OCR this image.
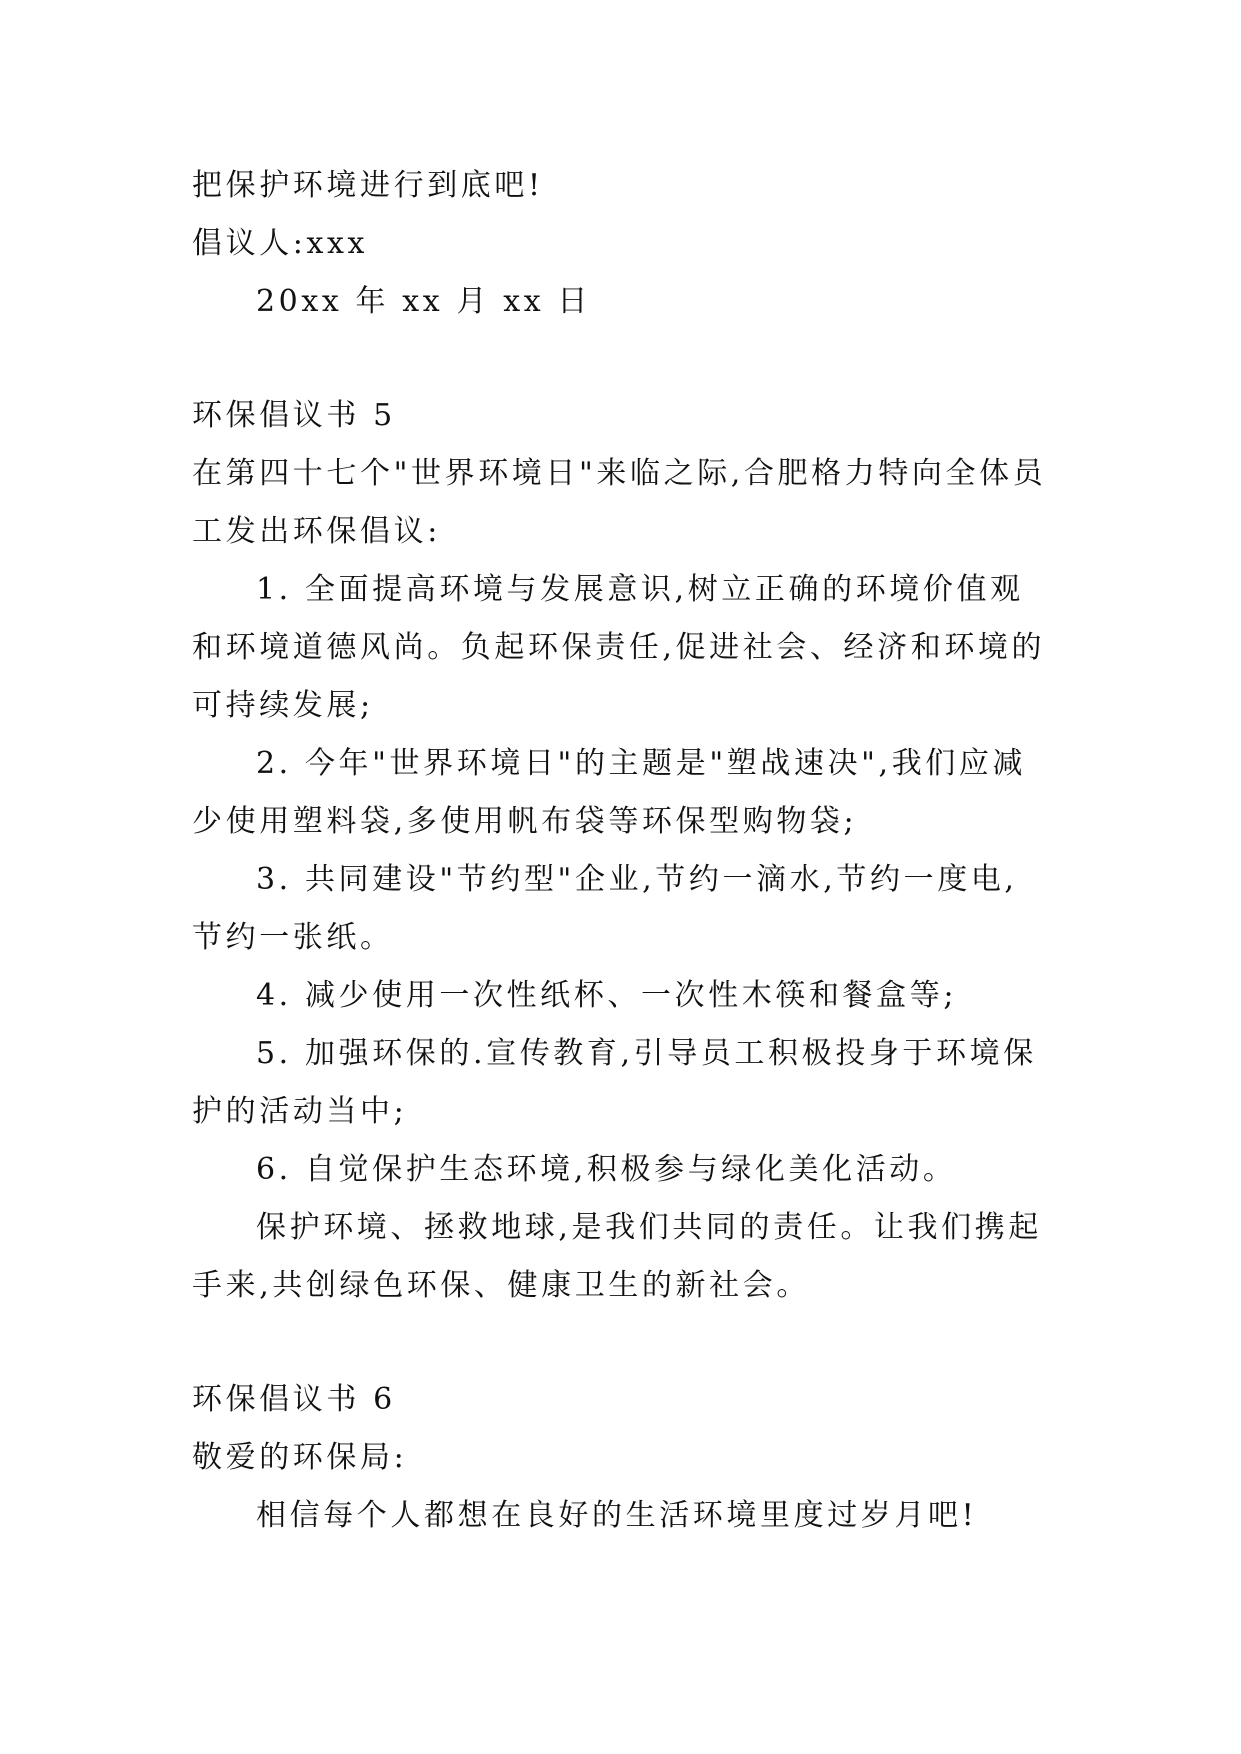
把保护环境进行到底吧!
倡议人:xxx
20xx 年 xx 月 xx 日
环保倡议书 5
在第四十七个"世界环境日"来临之际,合肥格力特向全体员
工发出环保倡议:
1. 全面提高环境与发展意识,树立正确的环境价值观
和环境道德风尚。负起环保责任,促进社会、经济和环境的
可持续发展;
2. 今年"世界环境日"的主题是"塑战速决",我们应减
少使用塑料袋,多使用帆布袋等环保型购物袋;
3. 共同建设"节约型"企业,节约一滴水,节约一度电,
节约一张纸。
4. 减少使用一次性纸杯、一次性木筷和餐盒等;
5. 加强环保的.宣传教育,引导员工积极投身于环境保
护的活动当中;
6. 自觉保护生态环境,积极参与绿化美化活动。
保护环境、拯救地球,是我们共同的责任。让我们携起
手来,共创绿色环保、健康卫生的新社会。
环保倡议书 6
敬爱的环保局:
相信每个人都想在良好的生活环境里度过岁月吧!
